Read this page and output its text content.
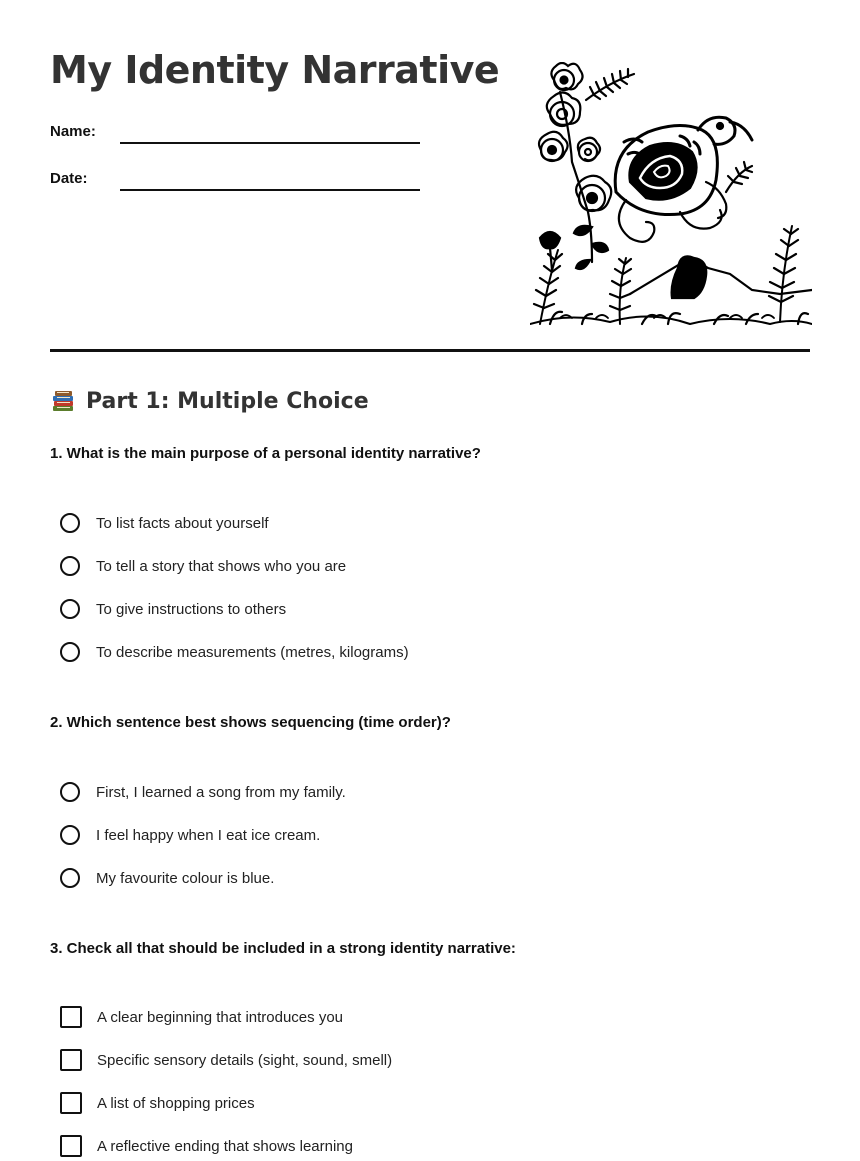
My Identity Narrative
Name:
Date:
Part 1: Multiple Choice

1. What is the main purpose of a personal identity narrative?

To list facts about yourself
To tell a story that shows who you are
To give instructions to others
To describe measurements (metres, kilograms)

2. Which sentence best shows sequencing (time order)?

First, I learned a song from my family.
I feel happy when I eat ice cream.
My favourite colour is blue.

3. Check all that should be included in a strong identity narrative:

A clear beginning that introduces you
Specific sensory details (sight, sound, smell)
A list of shopping prices
A reflective ending that shows learning
